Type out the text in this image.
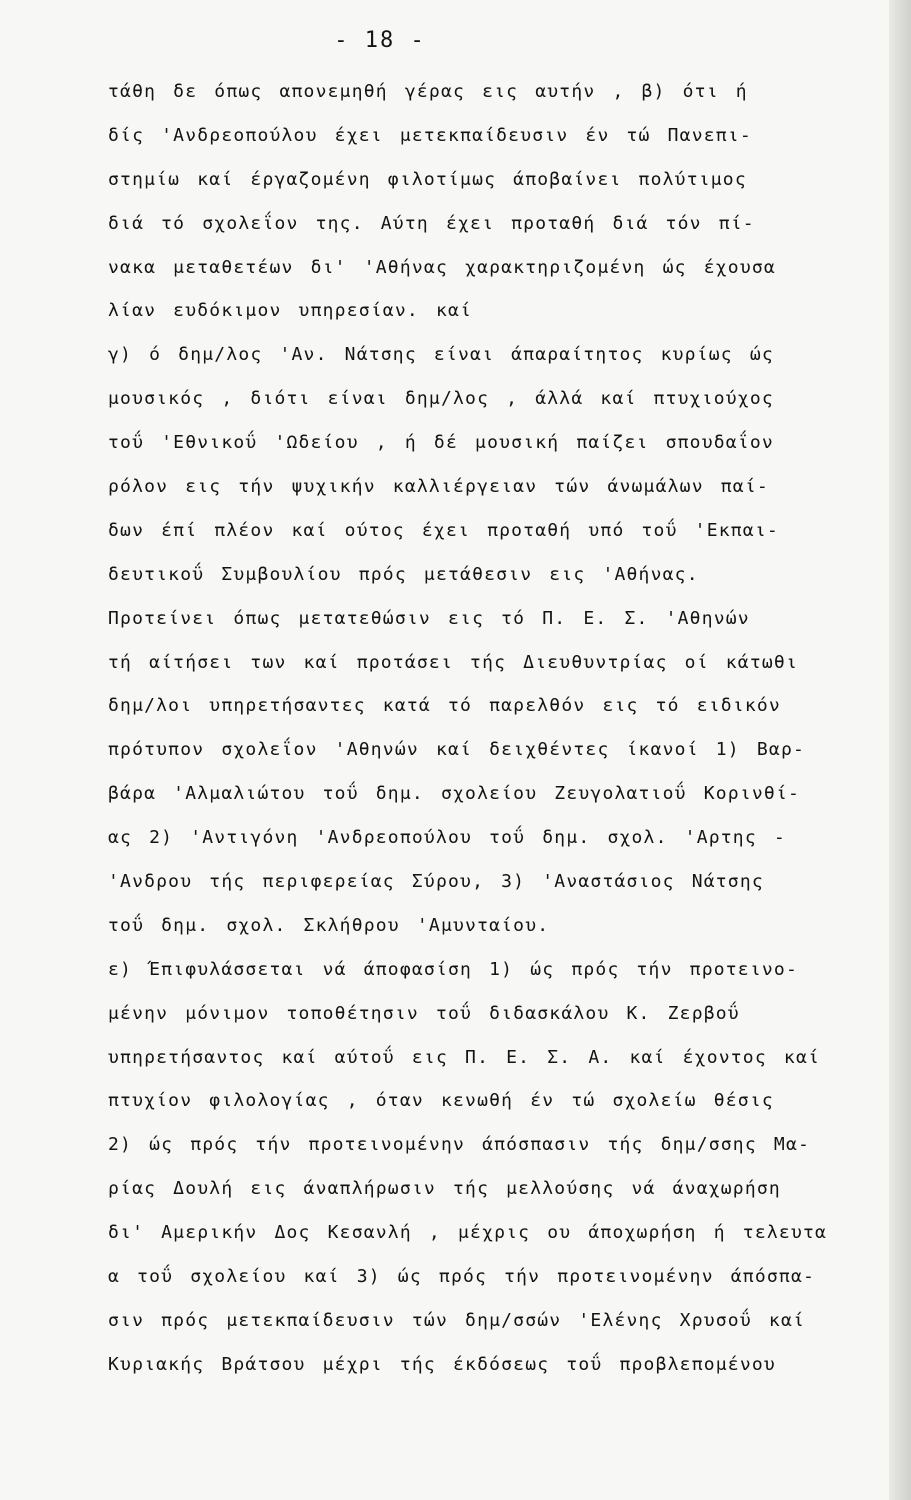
- 18 -
τάθη δε όπως απονεμηθή γέρας εις αυτήν , β) ότι ή
δίς 'Ανδρεοπούλου έχει μετεκπαίδευσιν έν τώ Πανεπι-
στημίω καί έργαζομένη φιλοτίμως άποβαίνει πολύτιμος
διά τό σχολεΐον της. Αύτη έχει προταθή διά τόν πί-
νακα μεταθετέων δι' 'Αθήνας χαρακτηριζομένη ώς έχουσα
λίαν ευδόκιμον υπηρεσίαν. καί
γ) ό δημ/λος 'Αν. Νάτσης είναι άπαραίτητος κυρίως ώς
μουσικός , διότι είναι δημ/λος , άλλά καί πτυχιούχος
τοΰ 'Εθνικοΰ 'Ωδείου , ή δέ μουσική παίζει σπουδαΐον
ρόλον εις τήν ψυχικήν καλλιέργειαν τών άνωμάλων παί-
δων έπί πλέον καί ούτος έχει προταθή υπό τοΰ 'Εκπαι-
δευτικοΰ Συμβουλίου πρός μετάθεσιν εις 'Αθήνας.
Προτείνει όπως μετατεθώσιν εις τό Π. Ε. Σ. 'Αθηνών
τή αίτήσει των καί προτάσει τής Διευθυντρίας οί κάτωθι
δημ/λοι υπηρετήσαντες κατά τό παρελθόν εις τό ειδικόν
πρότυπον σχολεΐον 'Αθηνών καί δειχθέντες ίκανοί 1) Βαρ-
βάρα 'Αλμαλιώτου τοΰ δημ. σχολείου Ζευγολατιοΰ Κορινθί-
ας 2) 'Αντιγόνη 'Ανδρεοπούλου τοΰ δημ. σχολ. 'Αρτης -
'Ανδρου τής περιφερείας Σύρου, 3) 'Αναστάσιος Νάτσης
τοΰ δημ. σχολ. Σκλήθρου 'Αμυνταίου.
ε) Έπιφυλάσσεται νά άποφασίση 1) ώς πρός τήν προτεινο-
μένην μόνιμον τοποθέτησιν τοΰ διδασκάλου Κ. Ζερβοΰ
υπηρετήσαντος καί αύτοΰ εις Π. Ε. Σ. Α. καί έχοντος καί
πτυχίον φιλολογίας , όταν κενωθή έν τώ σχολείω θέσις
2) ώς πρός τήν προτεινομένην άπόσπασιν τής δημ/σσης Μα-
ρίας Δουλή εις άναπλήρωσιν τής μελλούσης νά άναχωρήση
δι' Αμερικήν Δος Κεσανλή , μέχρις ου άποχωρήση ή τελευτα
α τοΰ σχολείου καί 3) ώς πρός τήν προτεινομένην άπόσπα-
σιν πρός μετεκπαίδευσιν τών δημ/σσών 'Ελένης Χρυσοΰ καί
Κυριακής Βράτσου μέχρι τής έκδόσεως τοΰ προβλεπομένου
